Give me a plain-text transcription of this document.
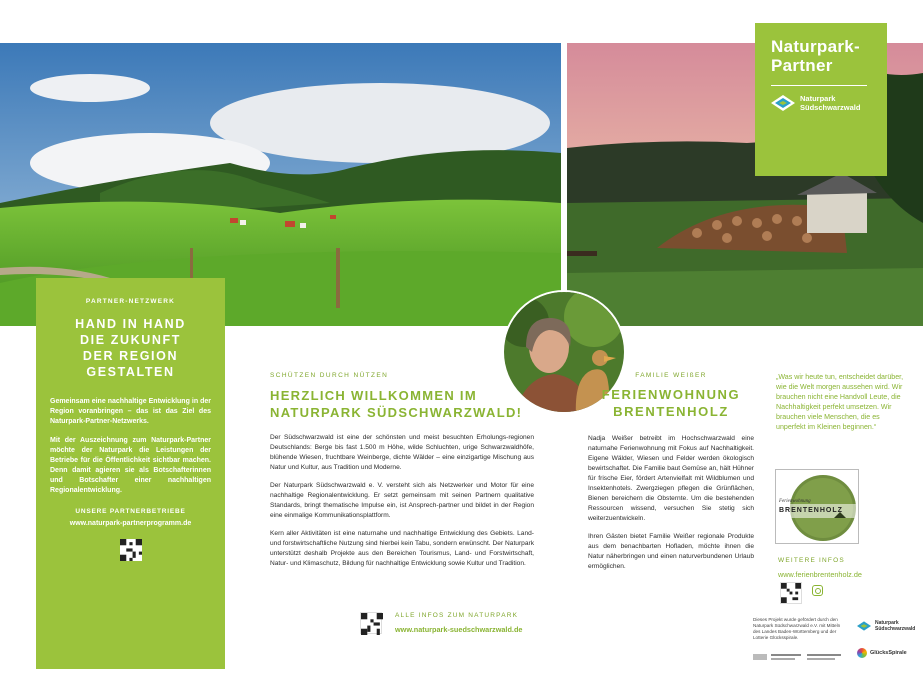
Naturpark-
Partner
Naturpark
Südschwarzwald
PARTNER-NETZWERK
HAND IN HAND
DIE ZUKUNFT
DER REGION
GESTALTEN

Gemeinsam eine nachhaltige Entwicklung in der Region voranbringen – das ist das Ziel des Naturpark-Partner-Netzwerks.

Mit der Auszeichnung zum Naturpark-Partner möchte der Naturpark die Leistungen der Betriebe für die Öffentlichkeit sichtbar machen. Denn damit agieren sie als Botschafterinnen und Botschafter einer nachhaltigen Regionalentwicklung.

UNSERE PARTNERBETRIEBE
www.naturpark-partnerprogramm.de
SCHÜTZEN DURCH NÜTZEN
HERZLICH WILLKOMMEN IM
NATURPARK SÜDSCHWARZWALD!

Der Südschwarzwald ist eine der schönsten und meist besuchten Erholungs-regionen Deutschlands: Berge bis fast 1.500 m Höhe, wilde Schluchten, urige Schwarzwaldhöfe, blühende Wiesen, fruchtbare Weinberge, dichte Wälder – eine einzigartige Mischung aus Natur und Kultur, aus Tradition und Moderne.

Der Naturpark Südschwarzwald e. V. versteht sich als Netzwerker und Motor für eine nachhaltige Regionalentwicklung. Er setzt gemeinsam mit seinen Partnern qualitative Standards, bringt thematische Impulse ein, ist Ansprech-partner und bildet in der Region eine einmalige Kommunikationsplattform.

Kern aller Aktivitäten ist eine naturnahe und nachhaltige Entwicklung des Gebiets. Land- und forstwirtschaftliche Nutzung sind hierbei kein Tabu, sondern erwünscht. Der Naturpark unterstützt deshalb Projekte aus den Bereichen Tourismus, Land- und Forstwirtschaft, Natur- und Klimaschutz, Bildung für nachhaltige Entwicklung sowie Kultur und Tradition.

ALLE INFOS ZUM NATURPARK
www.naturpark-suedschwarzwald.de
FAMILIE WEIßER
FERIENWOHNUNG
BRENTENHOLZ

Nadja Weißer betreibt im Hochschwarzwald eine naturnahe Ferienwohnung mit Fokus auf Nachhaltigkeit. Eigene Wälder, Wiesen und Felder werden ökologisch bewirtschaftet. Die Familie baut Gemüse an, hält Hühner für frische Eier, fördert Artenvielfalt mit Wildblumen und Insektenhotels. Zwergziegen pflegen die Grünflächen, Bienen bereichern die Obsternte. Um die bestehenden Ressourcen wissend, versuchen Sie stetig sich weiterzuentwickeln.

Ihren Gästen bietet Familie Weißer regionale Produkte aus dem benachbarten Hofladen, möchte ihnen die Natur näherbringen und einen naturverbundenen Urlaub ermöglichen.

„Was wir heute tun, entscheidet darüber, wie die Welt morgen aussehen wird. Wir brauchen nicht eine Handvoll Leute, die Nachhaltigkeit perfekt umsetzen. Wir brauchen viele Menschen, die es unperfekt im Kleinen beginnen.“
Ferienwohnung
BRENTENHOLZ
WEITERE INFOS
www.ferienbrentenholz.de
Dieses Projekt wurde gefördert durch den Naturpark Südschwarzwald e.V. mit Mitteln des Landes Baden-Württemberg und der Lotterie Glücksspirale.
Naturpark
Südschwarzwald
GlücksSpirale
